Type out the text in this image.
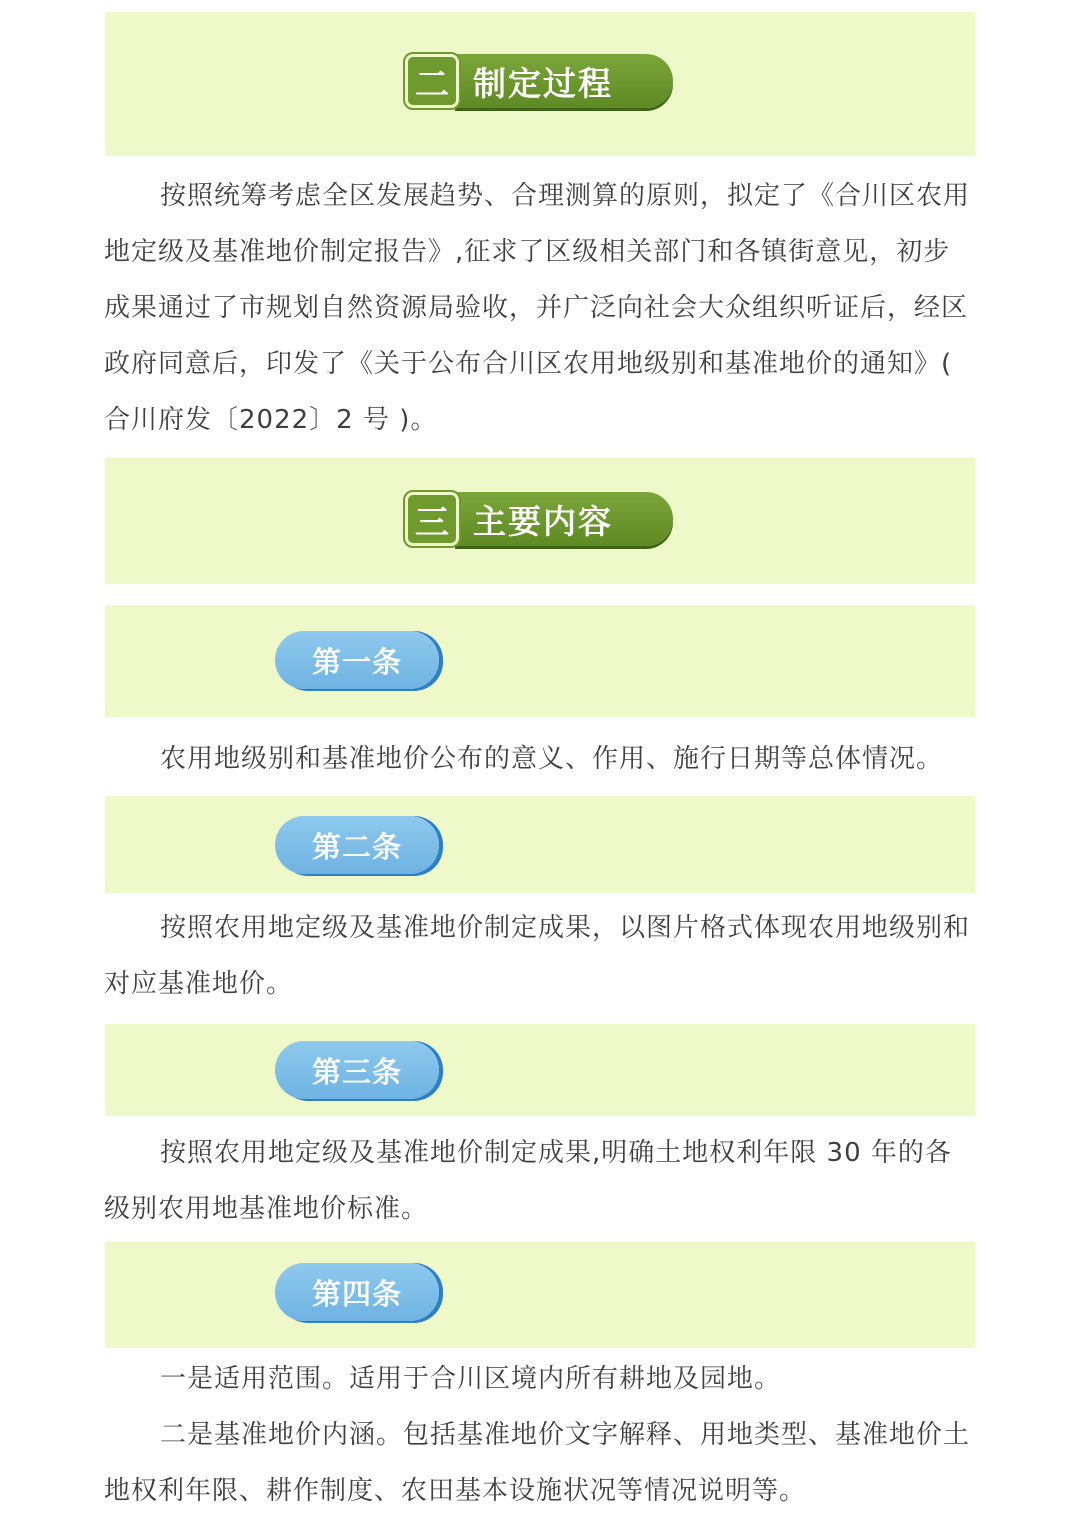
二 制定过程

按照统筹考虑全区发展趋势、合理测算的原则，拟定了《合川区农用地定级及基准地价制定报告》,征求了区级相关部门和各镇街意见，初步成果通过了市规划自然资源局验收，并广泛向社会大众组织听证后，经区政府同意后，印发了《关于公布合川区农用地级别和基准地价的通知》( 合川府发〔2022〕2 号 )。

三 主要内容
第一条

农用地级别和基准地价公布的意义、作用、施行日期等总体情况。

第二条

按照农用地定级及基准地价制定成果，以图片格式体现农用地级别和对应基准地价。

第三条

按照农用地定级及基准地价制定成果,明确土地权利年限 30 年的各级别农用地基准地价标准。

第四条

一是适用范围。适用于合川区境内所有耕地及园地。

二是基准地价内涵。包括基准地价文字解释、用地类型、基准地价土地权利年限、耕作制度、农田基本设施状况等情况说明等。
